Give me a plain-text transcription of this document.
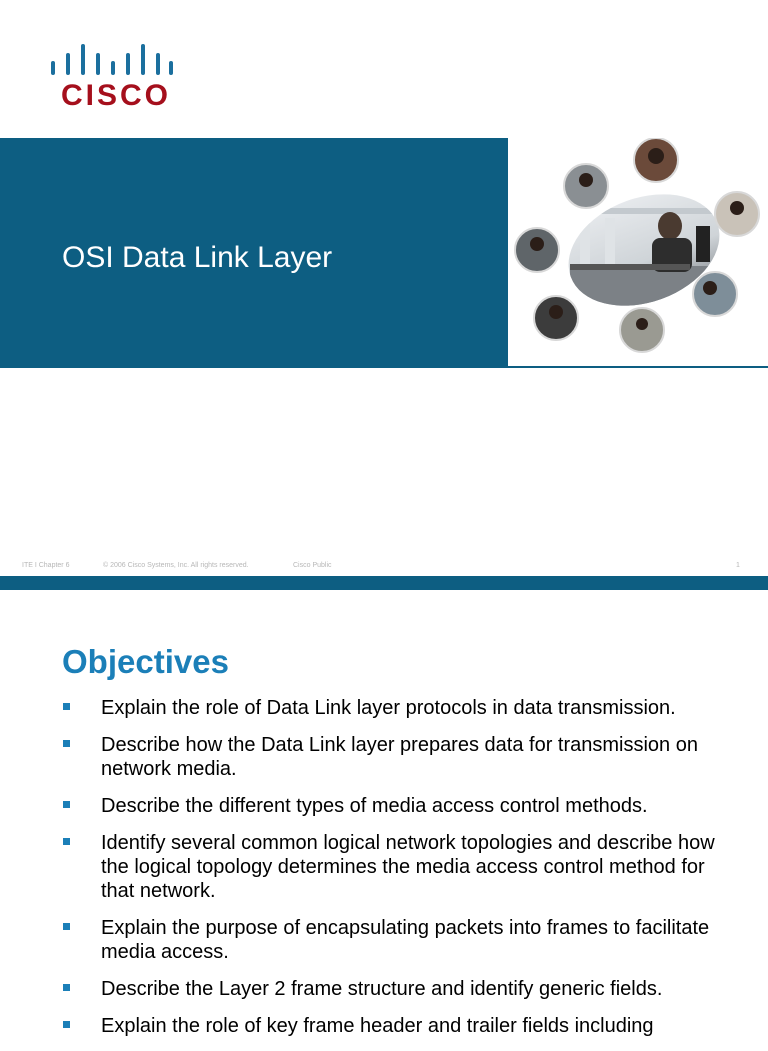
CISCO
OSI Data Link Layer
ITE I Chapter 6	© 2006 Cisco Systems, Inc. All rights reserved.	Cisco Public	1
Objectives
Explain the role of Data Link layer protocols in data transmission.
Describe how the Data Link layer prepares data for transmission on network media.
Describe the different types of media access control methods.
Identify several common logical network topologies and describe how the logical topology determines the media access control method for that network.
Explain the purpose of encapsulating packets into frames to facilitate media access.
Describe the Layer 2 frame structure and identify generic fields.
Explain the role of key frame header and trailer fields including
